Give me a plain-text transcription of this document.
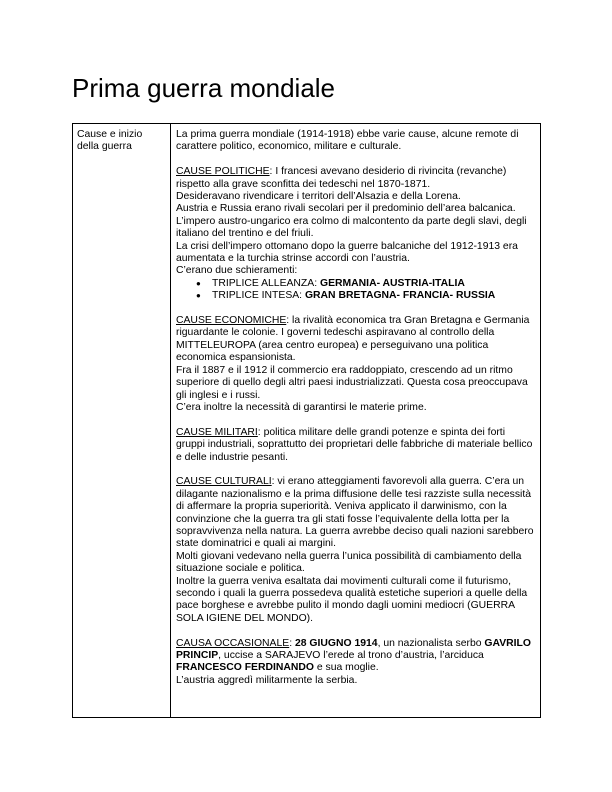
Prima guerra mondiale
Cause e inizio della guerra

La prima guerra mondiale (1914-1918) ebbe varie cause, alcune remote di carattere politico, economico, militare e culturale.

CAUSE POLITICHE: I francesi avevano desiderio di rivincita (revanche) rispetto alla grave sconfitta dei tedeschi nel 1870-1871.

Desideravano rivendicare i territori dell’Alsazia e della Lorena.

Austria e Russia erano rivali secolari per il predominio dell’area balcanica. L’impero austro-ungarico era colmo di malcontento da parte degli slavi, degli italiano del trentino e del friuli.

La crisi dell’impero ottomano dopo la guerre balcaniche del 1912-1913 era aumentata e la turchia strinse accordi con l’austria.

C’erano due schieramenti:

● TRIPLICE ALLEANZA: GERMANIA- AUSTRIA-ITALIA
● TRIPLICE INTESA: GRAN BRETAGNA- FRANCIA- RUSSIA

CAUSE ECONOMICHE: la rivalità economica tra Gran Bretagna e Germania riguardante le colonie. I governi tedeschi aspiravano al controllo della MITTELEUROPA (area centro europea) e perseguivano una politica economica espansionista.

Fra il 1887 e il 1912 il commercio era raddoppiato, crescendo ad un ritmo superiore di quello degli altri paesi industrializzati. Questa cosa preoccupava gli inglesi e i russi.

C’era inoltre la necessità di garantirsi le materie prime.

CAUSE MILITARI: politica militare delle grandi potenze e spinta dei forti gruppi industriali, soprattutto dei proprietari delle fabbriche di materiale bellico e delle industrie pesanti.

CAUSE CULTURALI: vi erano atteggiamenti favorevoli alla guerra. C’era un dilagante nazionalismo e la prima diffusione delle tesi razziste sulla necessità di affermare la propria superiorità. Veniva applicato il darwinismo, con la convinzione che la guerra tra gli stati fosse l’equivalente della lotta per la sopravvivenza nella natura. La guerra avrebbe deciso quali nazioni sarebbero state dominatrici e quali ai margini.

Molti giovani vedevano nella guerra l’unica possibilità di cambiamento della situazione sociale e politica.

Inoltre la guerra veniva esaltata dai movimenti culturali come il futurismo, secondo i quali la guerra possedeva qualità estetiche superiori a quelle della pace borghese e avrebbe pulito il mondo dagli uomini mediocri (GUERRA SOLA IGIENE DEL MONDO).

CAUSA OCCASIONALE: 28 GIUGNO 1914, un nazionalista serbo GAVRILO PRINCIP, uccise a SARAJEVO l’erede al trono d’austria, l’arciduca FRANCESCO FERDINANDO e sua moglie.

L’austria aggredì militarmente la serbia.
